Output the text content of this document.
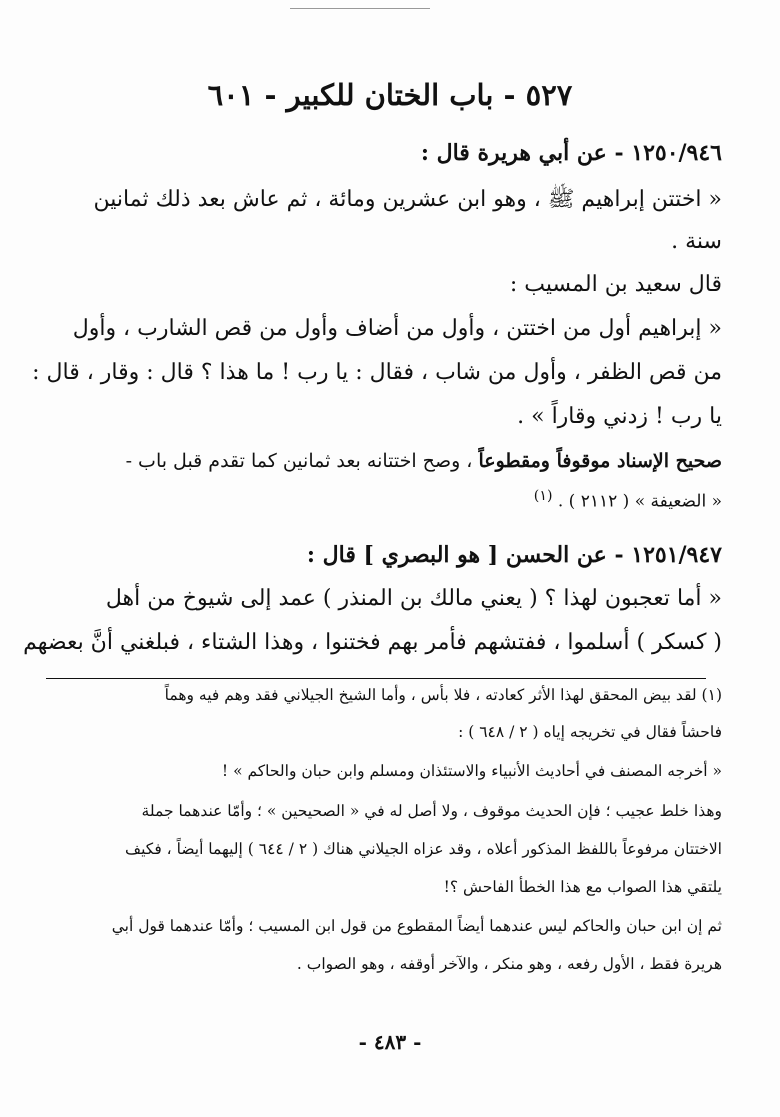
٥٢٧ - باب الختان للكبير - ٦٠١
١٢٥٠/٩٤٦ - عن أبي هريرة قال :
« اختتن إبراهيم ﷺ ، وهو ابن عشرين ومائة ، ثم عاش بعد ذلك ثمانين
سنة .
قال سعيد بن المسيب :
« إبراهيم أول من اختتن ، وأول من أضاف وأول من قص الشارب ، وأول
من قص الظفر ، وأول من شاب ، فقال : يا رب ! ما هذا ؟ قال : وقار ، قال :
يا رب ! زدني وقاراً » .
صحيح الإسناد موقوفاً ومقطوعاً ، وصح اختتانه بعد ثمانين كما تقدم قبل باب -
« الضعيفة » ( ٢١١٢ ) . $^{(١)}$
١٢٥١/٩٤٧ - عن الحسن [ هو البصري ] قال :
« أما تعجبون لهذا ؟ ( يعني مالك بن المنذر ) عمد إلى شيوخ من أهل
( كسكر ) أسلموا ، ففتشهم فأمر بهم فختنوا ، وهذا الشتاء ، فبلغني أنَّ بعضهم
(١) لقد بيض المحقق لهذا الأثر كعادته ، فلا بأس ، وأما الشيخ الجيلاني فقد وهم فيه وهماً
فاحشاً فقال في تخريجه إياه ( ٢ / ٦٤٨ ) :
« أخرجه المصنف في أحاديث الأنبياء والاستئذان ومسلم وابن حبان والحاكم » !
وهذا خلط عجيب ؛ فإن الحديث موقوف ، ولا أصل له في « الصحيحين » ؛ وأمّا عندهما جملة
الاختتان مرفوعاً باللفظ المذكور أعلاه ، وقد عزاه الجيلاني هناك ( ٢ / ٦٤٤ ) إليهما أيضاً ، فكيف
يلتقي هذا الصواب مع هذا الخطأ الفاحش ؟!
ثم إن ابن حبان والحاكم ليس عندهما أيضاً المقطوع من قول ابن المسيب ؛ وأمّا عندهما قول أبي
هريرة فقط ، الأول رفعه ، وهو منكر ، والآخر أوقفه ، وهو الصواب .
- ٤٨٣ -
